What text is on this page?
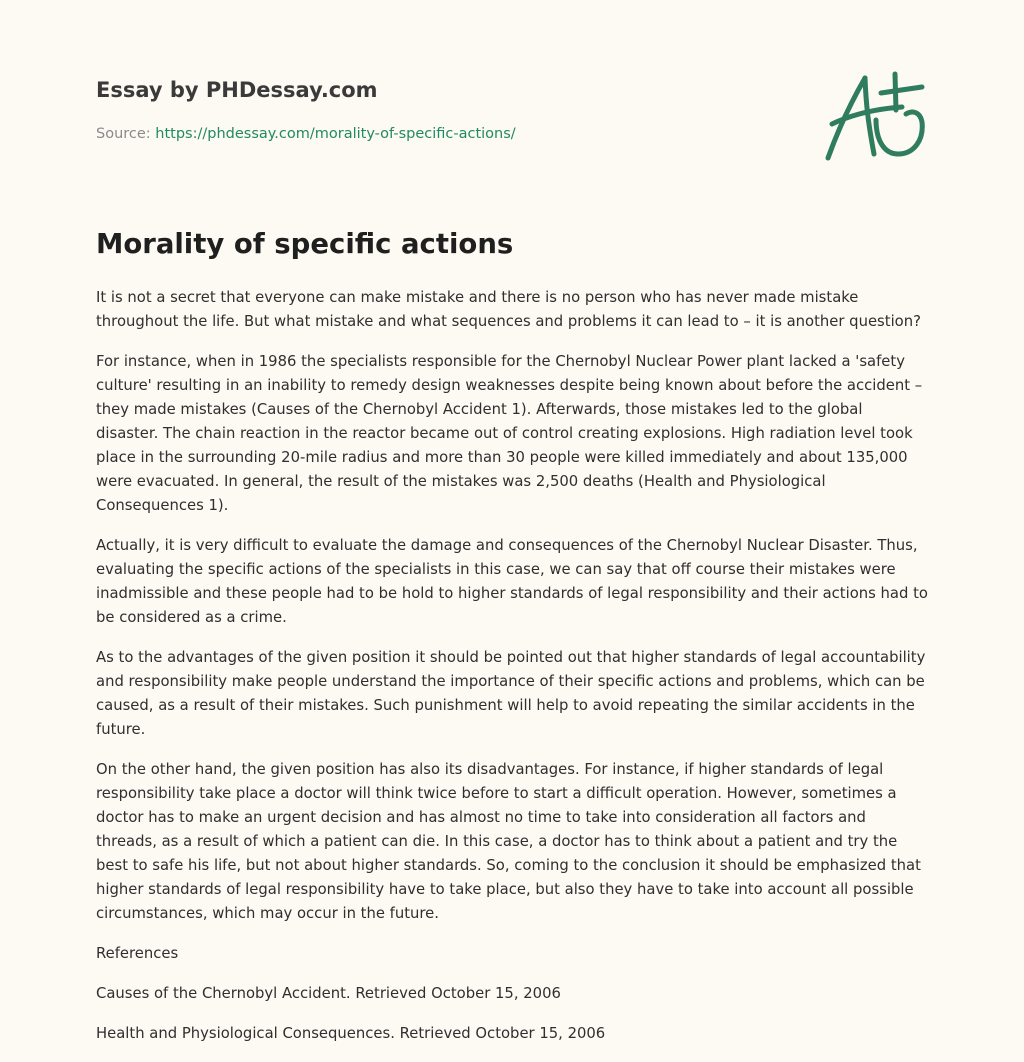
Essay by PHDessay.com
Source: https://phdessay.com/morality-of-specific-actions/
Morality of specific actions

It is not a secret that everyone can make mistake and there is no person who has never made mistake throughout the life. But what mistake and what sequences and problems it can lead to – it is another question?

For instance, when in 1986 the specialists responsible for the Chernobyl Nuclear Power plant lacked a 'safety culture' resulting in an inability to remedy design weaknesses despite being known about before the accident – they made mistakes (Causes of the Chernobyl Accident 1). Afterwards, those mistakes led to the global disaster. The chain reaction in the reactor became out of control creating explosions. High radiation level took place in the surrounding 20-mile radius and more than 30 people were killed immediately and about 135,000 were evacuated. In general, the result of the mistakes was 2,500 deaths (Health and PhysiologicalConsequences 1).

Actually, it is very difficult to evaluate the damage and consequences of the Chernobyl Nuclear Disaster. Thus, evaluating the specific actions of the specialists in this case, we can say that off course their mistakes were inadmissible and these people had to be hold to higher standards of legal responsibility and their actions had to be considered as a crime.

As to the advantages of the given position it should be pointed out that higher standards of legal accountability and responsibility make people understand the importance of their specific actions and problems, which can be caused, as a result of their mistakes. Such punishment will help to avoid repeating the similar accidents in the future.

On the other hand, the given position has also its disadvantages. For instance, if higher standards of legal responsibility take place a doctor will think twice before to start a difficult operation. However, sometimes a doctor has to make an urgent decision and has almost no time to take into consideration all factors and threads, as a result of which a patient can die. In this case, a doctor has to think about a patient and try the best to safe his life, but not about higher standards. So, coming to the conclusion it should be emphasized that higher standards of legal responsibility have to take place, but also they have to take into account all possible circumstances, which may occur in the future.

References

Causes of the Chernobyl Accident. Retrieved October 15, 2006

Health and Physiological Consequences. Retrieved October 15, 2006
